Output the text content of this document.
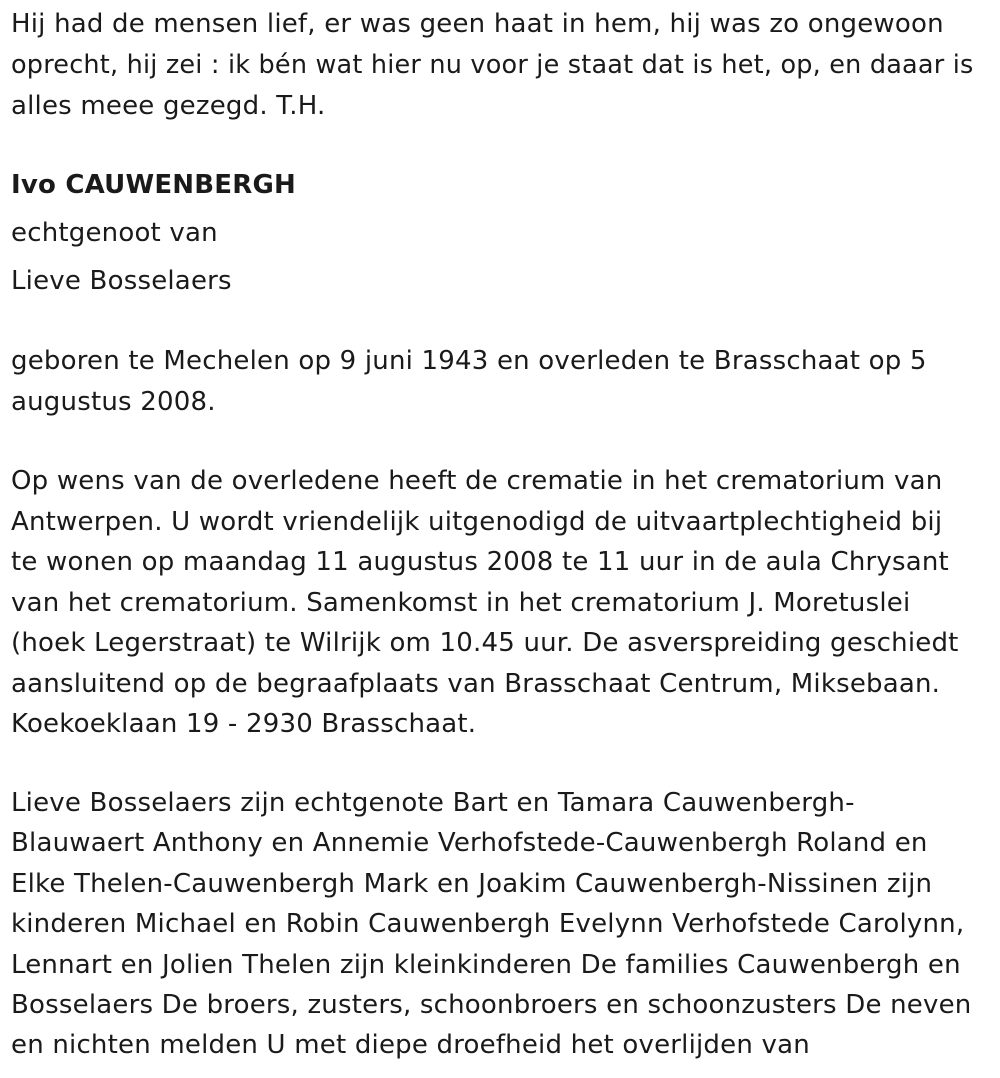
Hij had de mensen lief, er was geen haat in hem, hij was zo ongewoon
oprecht, hij zei : ik bén wat hier nu voor je staat dat is het, op, en daaar is
alles meee gezegd. T.H.
Ivo CAUWENBERGH
echtgenoot van
Lieve Bosselaers
geboren te Mechelen op 9 juni 1943 en overleden te Brasschaat op 5
augustus 2008.
Op wens van de overledene heeft de crematie in het crematorium van
Antwerpen. U wordt vriendelijk uitgenodigd de uitvaartplechtigheid bij
te wonen op maandag 11 augustus 2008 te 11 uur in de aula Chrysant
van het crematorium. Samenkomst in het crematorium J. Moretuslei
(hoek Legerstraat) te Wilrijk om 10.45 uur. De asverspreiding geschiedt
aansluitend op de begraafplaats van Brasschaat Centrum, Miksebaan.
Koekoeklaan 19 - 2930 Brasschaat.
Lieve Bosselaers zijn echtgenote Bart en Tamara Cauwenbergh-
Blauwaert Anthony en Annemie Verhofstede-Cauwenbergh Roland en
Elke Thelen-Cauwenbergh Mark en Joakim Cauwenbergh-Nissinen zijn
kinderen Michael en Robin Cauwenbergh Evelynn Verhofstede Carolynn,
Lennart en Jolien Thelen zijn kleinkinderen De families Cauwenbergh en
Bosselaers De broers, zusters, schoonbroers en schoonzusters De neven
en nichten melden U met diepe droefheid het overlijden van
